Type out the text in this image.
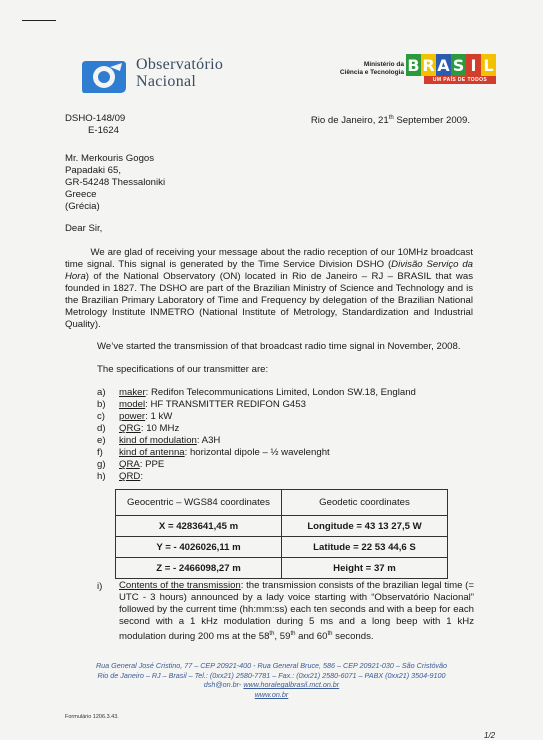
Observatório
Nacional
Ministério da
Ciência e Tecnologia B R A S I L
UM PAÍS DE TODOS
DSHO-148/09
E-1624
Rio de Janeiro, 21th September 2009.
Mr. Merkouris Gogos
Papadaki 65,
GR-54248 Thessaloniki
Greece
(Grécia)
Dear Sir,
We are glad of receiving your message about the radio reception of our 10MHz broadcast time signal. This signal is generated by the Time Service Division DSHO (Divisão Serviço da Hora) of the National Observatory (ON) located in Rio de Janeiro – RJ – BRASIL that was founded in 1827. The DSHO are part of the Brazilian Ministry of Science and Technology and is the Brazilian Primary Laboratory of Time and Frequency by delegation of the Brazilian National Metrology Institute INMETRO (National Institute of Metrology, Standardization and Industrial Quality).
We’ve started the transmission of that broadcast radio time signal in November, 2008.
The specifications of our transmitter are:
a)	maker : Redifon Telecommunications Limited, London SW.18, England
b)	model : HF TRANSMITTER REDIFON G453
c)	power : 1 kW
d)	QRG : 10 MHz
e)	kind of modulation : A3H
f)	kind of antenna : horizontal dipole – ½ wavelenght
g)	QRA : PPE
h)	QRD :
Geocentric – WGS84 coordinates	Geodetic coordinates
X = 4283641,45 m	Longitude = 43 13 27,5 W
Y = - 4026026,11 m	Latitude = 22 53 44,6 S
Z = - 2466098,27 m	Height = 37 m
i) Contents of the transmission: the transmission consists of the brazilian legal time (= UTC - 3 hours) announced by a lady voice starting with “Observatório Nacional” followed by the current time (hh:mm:ss) each ten seconds and with a beep for each second with a 1 kHz modulation during 5 ms and a long beep with 1 kHz modulation during 200 ms at the 58th, 59th and 60th seconds.
Rua General José Cristino, 77 – CEP 20921-400 - Rua General Bruce, 586 – CEP 20921-030 – São Cristóvão
Rio de Janeiro – RJ – Brasil – Tel.: (0xx21) 2580-7781 – Fax.: (0xx21) 2580-6071 – PABX (0xx21) 3504-9100
dsh@on.br- www.horalegalbrasil.mct.on.br
www.on.br
Formulário 1206.3.43.
1/2
